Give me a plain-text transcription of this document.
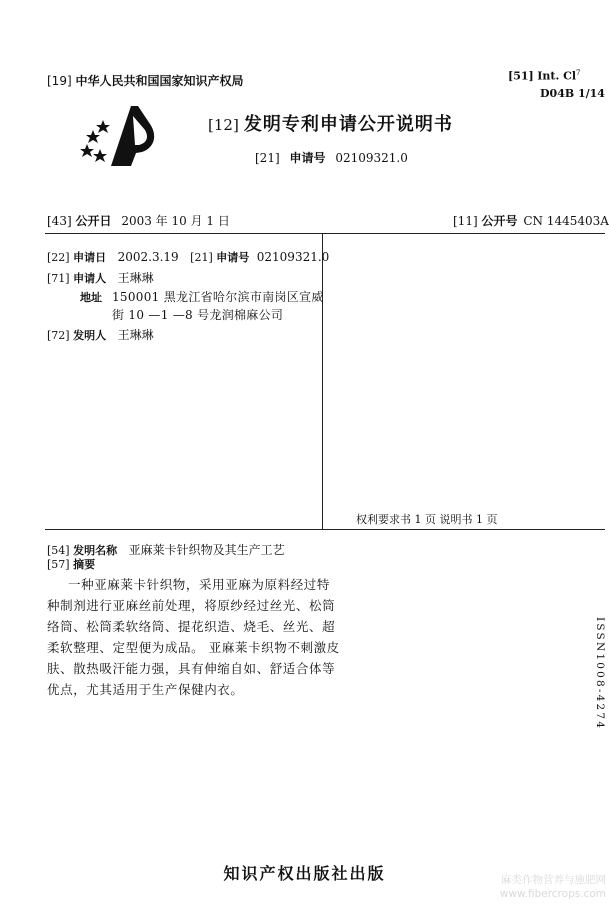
[19] 中华人民共和国国家知识产权局	[51] Int. Cl$^7$
D04B 1/14
[12] 发明专利申请公开说明书
[21] 申请号 02109321.0
[43] 公开日 2003 年 10 月 1 日	[11] 公开号 CN 1445403A
[22] 申请日 2002.3.19 [21] 申请号 02109321.0
[71] 申请人 王琳琳
地址 150001 黑龙江省哈尔滨市南岗区宣威
街 10 —1 —8 号龙润棉麻公司
[72] 发明人 王琳琳
权利要求书 1 页 说明书 1 页
[54] 发明名称 亚麻莱卡针织物及其生产工艺
[57] 摘要
一种亚麻莱卡针织物，采用亚麻为原料经过特
种制剂进行亚麻丝前处理，将原纱经过丝光、松筒
络筒、松筒柔软络筒、提花织造、烧毛、丝光、超
柔软整理、定型便为成品。 亚麻莱卡织物不刺激皮
肤、散热吸汗能力强，具有伸缩自如、舒适合体等
优点，尤其适用于生产保健内衣。	ISSN1008-4274
知识产权出版社出版	麻类作物营养与施肥网 www.fibercrops.com
